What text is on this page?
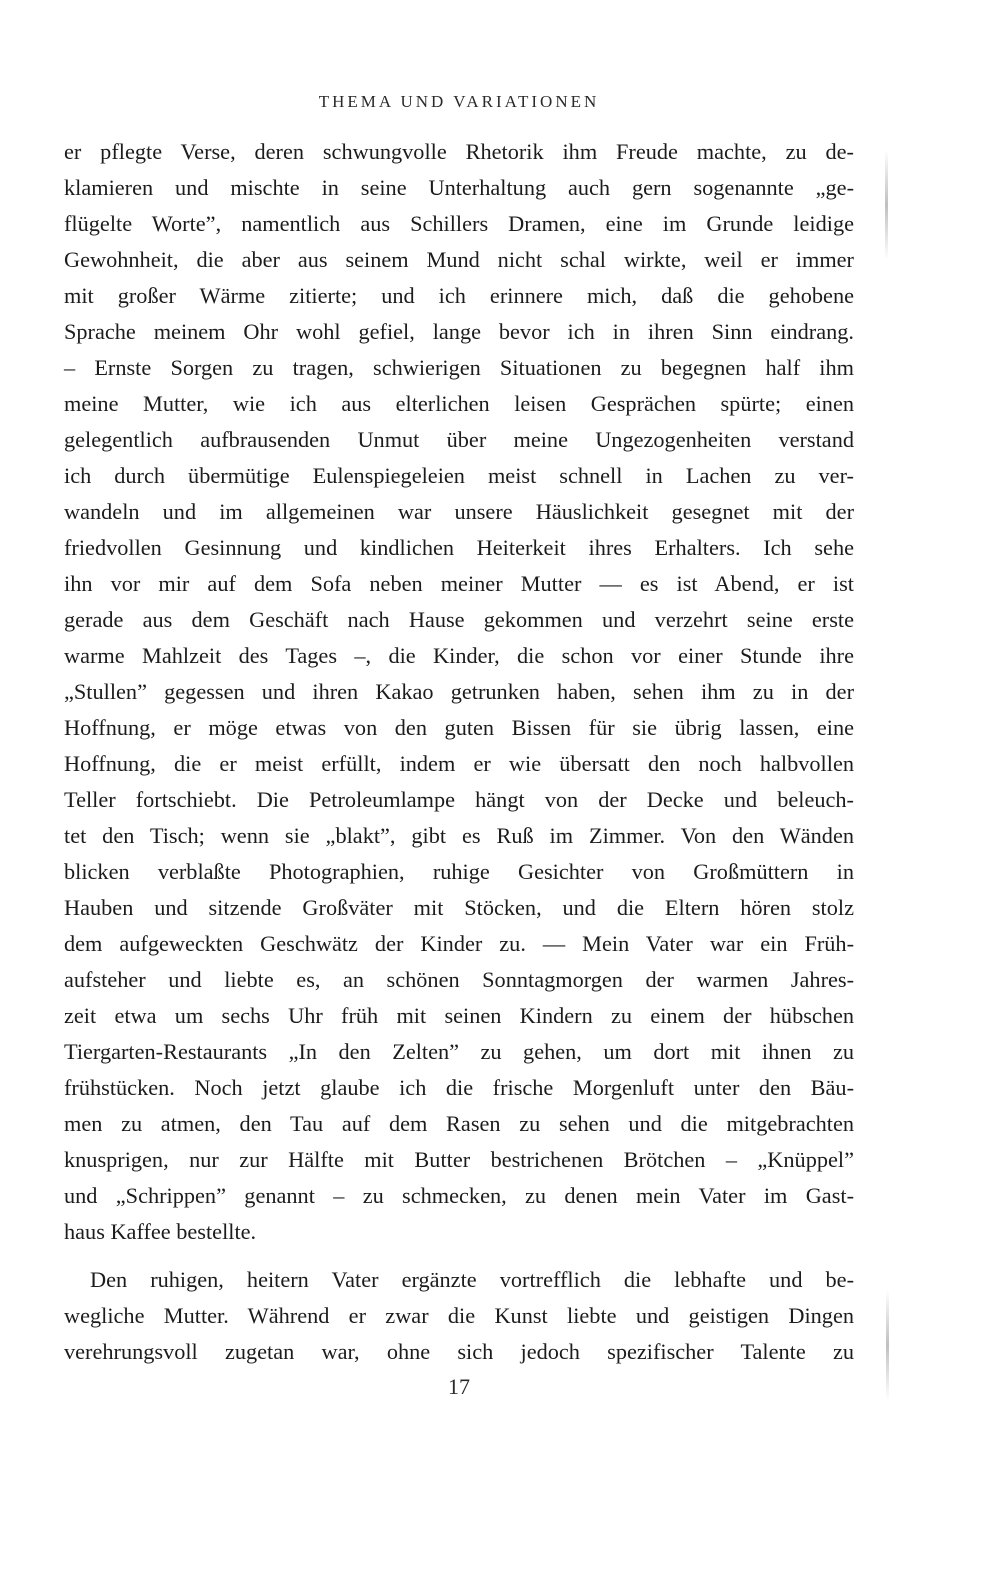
THEMA UND VARIATIONEN
er pflegte Verse, deren schwungvolle Rhetorik ihm Freude machte, zu de-
klamieren und mischte in seine Unterhaltung auch gern sogenannte „ge-
flügelte Worte”, namentlich aus Schillers Dramen, eine im Grunde leidige
Gewohnheit, die aber aus seinem Mund nicht schal wirkte, weil er immer
mit großer Wärme zitierte; und ich erinnere mich, daß die gehobene
Sprache meinem Ohr wohl gefiel, lange bevor ich in ihren Sinn eindrang.
– Ernste Sorgen zu tragen, schwierigen Situationen zu begegnen half ihm
meine Mutter, wie ich aus elterlichen leisen Gesprächen spürte; einen
gelegentlich aufbrausenden Unmut über meine Ungezogenheiten verstand
ich durch übermütige Eulenspiegeleien meist schnell in Lachen zu ver-
wandeln und im allgemeinen war unsere Häuslichkeit gesegnet mit der
friedvollen Gesinnung und kindlichen Heiterkeit ihres Erhalters. Ich sehe
ihn vor mir auf dem Sofa neben meiner Mutter — es ist Abend, er ist
gerade aus dem Geschäft nach Hause gekommen und verzehrt seine erste
warme Mahlzeit des Tages –, die Kinder, die schon vor einer Stunde ihre
„Stullen” gegessen und ihren Kakao getrunken haben, sehen ihm zu in der
Hoffnung, er möge etwas von den guten Bissen für sie übrig lassen, eine
Hoffnung, die er meist erfüllt, indem er wie übersatt den noch halbvollen
Teller fortschiebt. Die Petroleumlampe hängt von der Decke und beleuch-
tet den Tisch; wenn sie „blakt”, gibt es Ruß im Zimmer. Von den Wänden
blicken verblaßte Photographien, ruhige Gesichter von Großmüttern in
Hauben und sitzende Großväter mit Stöcken, und die Eltern hören stolz
dem aufgeweckten Geschwätz der Kinder zu. — Mein Vater war ein Früh-
aufsteher und liebte es, an schönen Sonntagmorgen der warmen Jahres-
zeit etwa um sechs Uhr früh mit seinen Kindern zu einem der hübschen
Tiergarten-Restaurants „In den Zelten” zu gehen, um dort mit ihnen zu
frühstücken. Noch jetzt glaube ich die frische Morgenluft unter den Bäu-
men zu atmen, den Tau auf dem Rasen zu sehen und die mitgebrachten
knusprigen, nur zur Hälfte mit Butter bestrichenen Brötchen – „Knüppel”
und „Schrippen” genannt – zu schmecken, zu denen mein Vater im Gast-
haus Kaffee bestellte.
Den ruhigen, heitern Vater ergänzte vortrefflich die lebhafte und be-
wegliche Mutter. Während er zwar die Kunst liebte und geistigen Dingen
verehrungsvoll zugetan war, ohne sich jedoch spezifischer Talente zu
17
